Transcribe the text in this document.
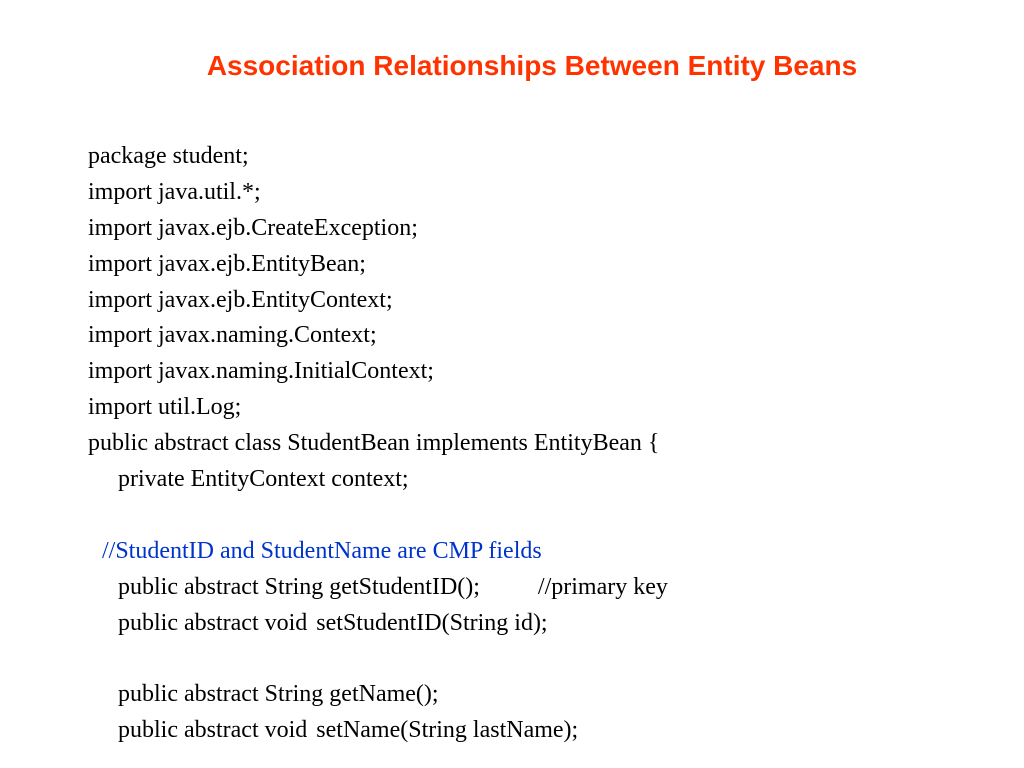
Association Relationships Between Entity Beans
package student;
import java.util.*;
import javax.ejb.CreateException;
import javax.ejb.EntityBean;
import javax.ejb.EntityContext;
import javax.naming.Context;
import javax.naming.InitialContext;
import util.Log;
public abstract class StudentBean implements EntityBean {
private EntityContext context;
//StudentID and StudentName are CMP fields
public abstract String getStudentID(); //primary key
public abstract void setStudentID(String id);
public abstract String getName();
public abstract void setName(String lastName);
